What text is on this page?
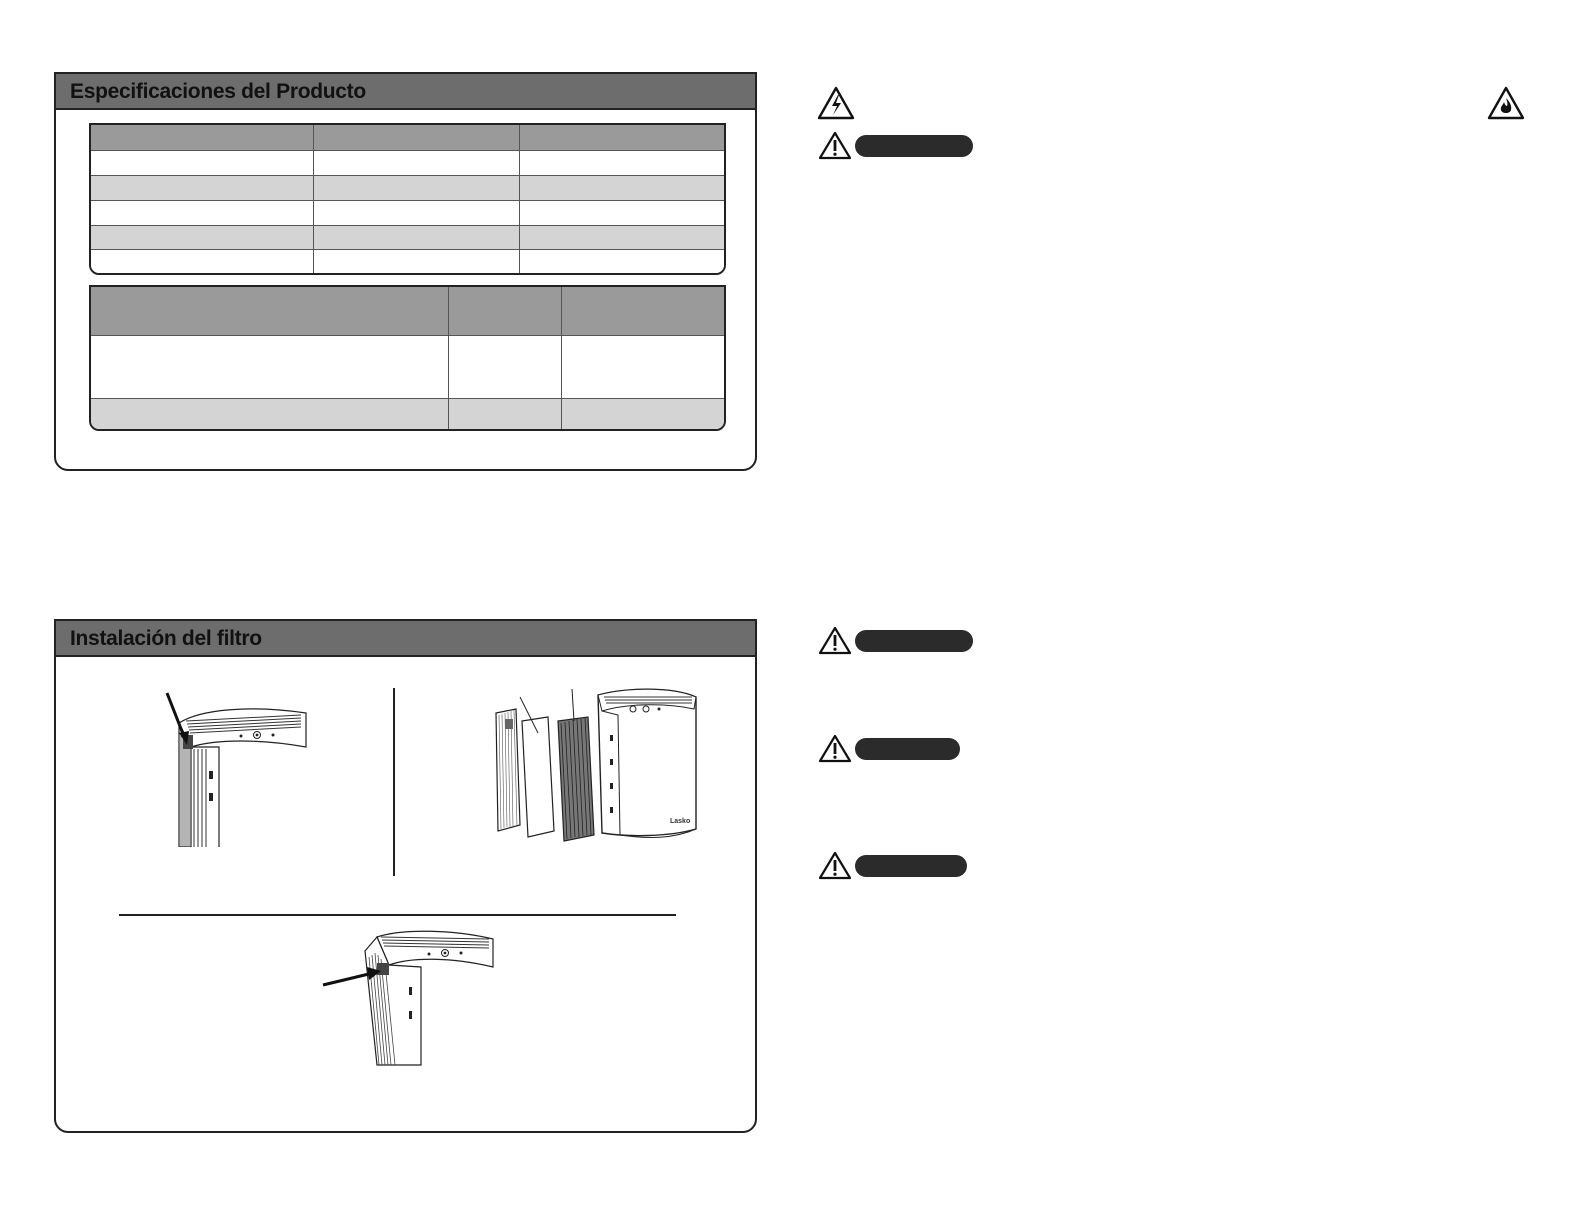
Especificaciones del Producto
Instalación del filtro
Lasko
